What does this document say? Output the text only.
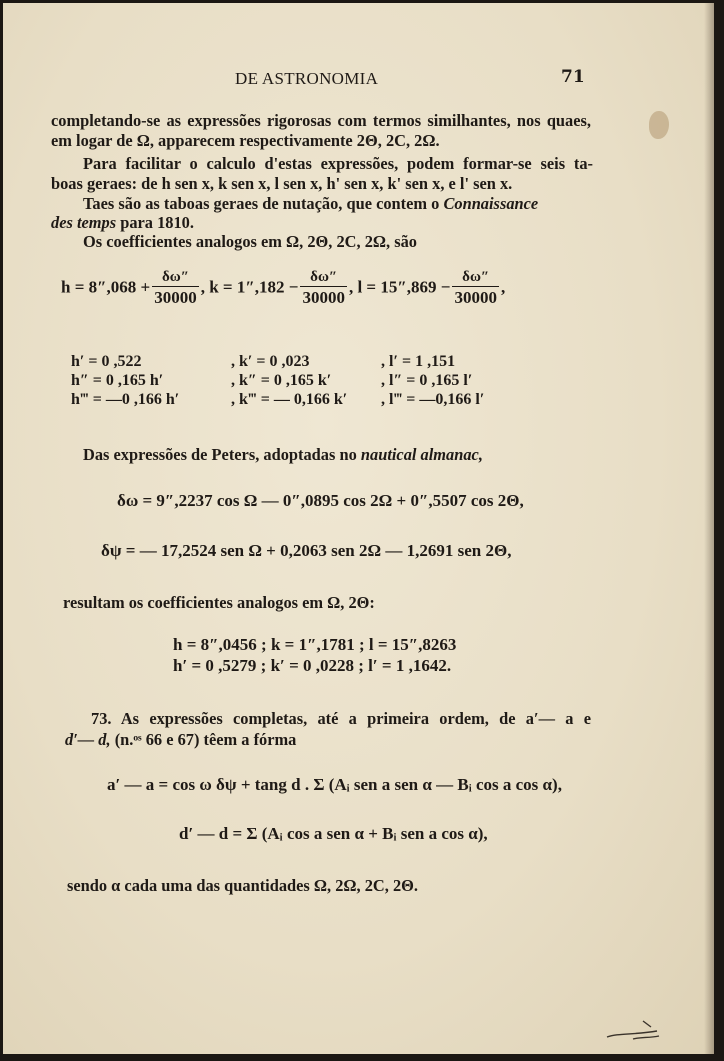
DE ASTRONOMIA	71
completando-se as expressões rigorosas com termos similhantes, nos quaes,
em logar de Ω, apparecem respectivamente 2Θ, 2C, 2Ω.
Para facilitar o calculo d'estas expressões, podem formar-se seis ta-
boas geraes: de h sen x, k sen x, l sen x, h' sen x, k' sen x, e l' sen x.
Taes são as taboas geraes de nutação, que contem o Connaissance
des temps para 1810.
Os coefficientes analogos em Ω, 2Θ, 2C, 2Ω, são
$h = 8'',068 + \frac{\delta\omega''}{30000}$ , $k = 1'',182 - \frac{\delta\omega''}{30000}$ , $l = 15'',869 - \frac{\delta\omega''}{30000}$ ,
h′ = 0 ,522	, k′ = 0 ,023	, l′ = 1 ,151
h″ = 0 ,165 h′	, k″ = 0 ,165 k′	, l″ = 0 ,165 l′
h‴ = —0 ,166 h′	, k‴ = — 0,166 k′ , l‴ = —0,166 l′
Das expressões de Peters, adoptadas no nautical almanac,
δω = 9″,2237 cos Ω — 0″,0895 cos 2Ω + 0″,5507 cos 2Θ,
δψ = — 17,2524 sen Ω + 0,2063 sen 2Ω — 1,2691 sen 2Θ,
resultam os coefficientes analogos em Ω, 2Θ:
h = 8″,0456 ; k = 1″,1781 ; l = 15″,8263
h′ = 0 ,5279 ; k′ = 0 ,0228 ; l′ = 1 ,1642.
73. As expressões completas, até a primeira ordem, de a′— a e
d′— d, (n.ᵒˢ 66 e 67) têem a fórma
a′ — a = cos ω δψ + tang d . Σ (Aᵢ sen a sen α — Bᵢ cos a cos α),
d′ — d = Σ (Aᵢ cos a sen α + Bᵢ sen a cos α),
sendo α cada uma das quantidades Ω, 2Ω, 2C, 2Θ.
